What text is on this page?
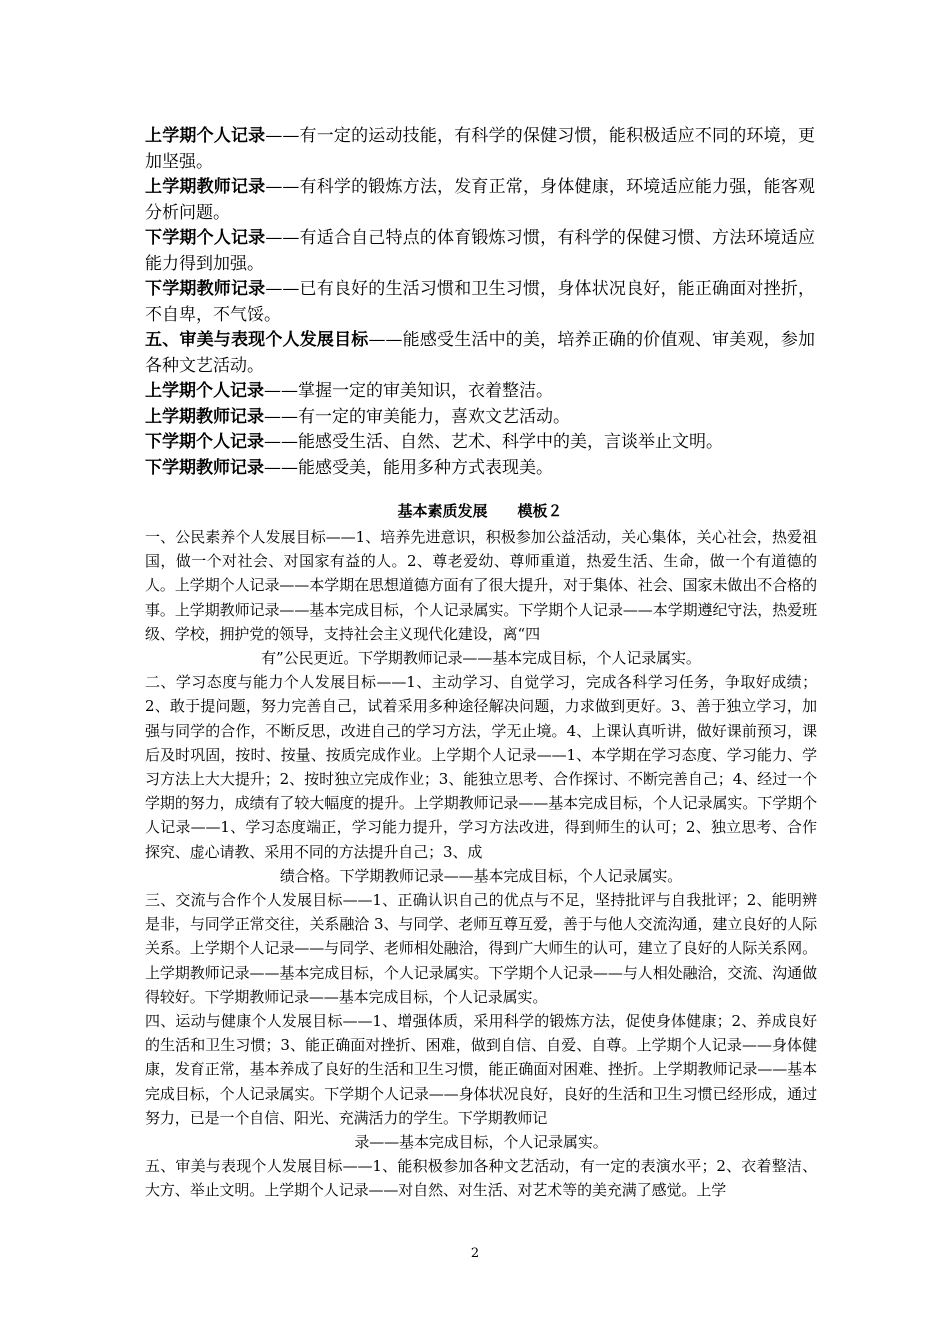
上学期个人记录——有一定的运动技能，有科学的保健习惯，能积极适应不同的环境，更加坚强。

上学期教师记录——有科学的锻炼方法，发育正常，身体健康，环境适应能力强，能客观分析问题。

下学期个人记录——有适合自己特点的体育锻炼习惯，有科学的保健习惯、方法环境适应能力得到加强。

下学期教师记录——已有良好的生活习惯和卫生习惯，身体状况良好，能正确面对挫折，不自卑，不气馁。

五、审美与表现个人发展目标——能感受生活中的美，培养正确的价值观、审美观，参加各种文艺活动。

上学期个人记录——掌握一定的审美知识，衣着整洁。

上学期教师记录——有一定的审美能力，喜欢文艺活动。

下学期个人记录——能感受生活、自然、艺术、科学中的美，言谈举止文明。

下学期教师记录——能感受美，能用多种方式表现美。

基本素质发展　　模板２

一、公民素养个人发展目标——1、培养先进意识，积极参加公益活动，关心集体，关心社会，热爱祖国，做一个对社会、对国家有益的人。2、尊老爱幼、尊师重道，热爱生活、生命，做一个有道德的人。上学期个人记录——本学期在思想道德方面有了很大提升，对于集体、社会、国家未做出不合格的事。上学期教师记录——基本完成目标，个人记录属实。下学期个人记录——本学期遵纪守法，热爱班级、学校，拥护党的领导，支持社会主义现代化建设，离“四
有”公民更近。下学期教师记录——基本完成目标，个人记录属实。

二、学习态度与能力个人发展目标——1、主动学习、自觉学习，完成各科学习任务，争取好成绩；2、敢于提问题，努力完善自己，试着采用多种途径解决问题，力求做到更好。3、善于独立学习，加强与同学的合作，不断反思，改进自己的学习方法，学无止境。4、上课认真听讲，做好课前预习，课后及时巩固，按时、按量、按质完成作业。上学期个人记录——1、本学期在学习态度、学习能力、学习方法上大大提升；2、按时独立完成作业；3、能独立思考、合作探讨、不断完善自己；4、经过一个学期的努力，成绩有了较大幅度的提升。上学期教师记录——基本完成目标，个人记录属实。下学期个人记录——1、学习态度端正，学习能力提升，学习方法改进，得到师生的认可；2、独立思考、合作探究、虚心请教、采用不同的方法提升自己；3、成
绩合格。下学期教师记录——基本完成目标，个人记录属实。

三、交流与合作个人发展目标——1、正确认识自己的优点与不足，坚持批评与自我批评；2、能明辨是非，与同学正常交往，关系融洽 3、与同学、老师互尊互爱，善于与他人交流沟通，建立良好的人际关系。上学期个人记录——与同学、老师相处融洽，得到广大师生的认可，建立了良好的人际关系网。上学期教师记录——基本完成目标，个人记录属实。下学期个人记录——与人相处融洽，交流、沟通做得较好。下学期教师记录——基本完成目标，个人记录属实。

四、运动与健康个人发展目标——1、增强体质，采用科学的锻炼方法，促使身体健康；2、养成良好的生活和卫生习惯；3、能正确面对挫折、困难，做到自信、自爱、自尊。上学期个人记录——身体健康，发育正常，基本养成了良好的生活和卫生习惯，能正确面对困难、挫折。上学期教师记录——基本完成目标，个人记录属实。下学期个人记录——身体状况良好，良好的生活和卫生习惯已经形成，通过努力，已是一个自信、阳光、充满活力的学生。下学期教师记
录——基本完成目标，个人记录属实。

五、审美与表现个人发展目标——1、能积极参加各种文艺活动，有一定的表演水平；2、衣着整洁、大方、举止文明。上学期个人记录——对自然、对生活、对艺术等的美充满了感觉。上学

2
